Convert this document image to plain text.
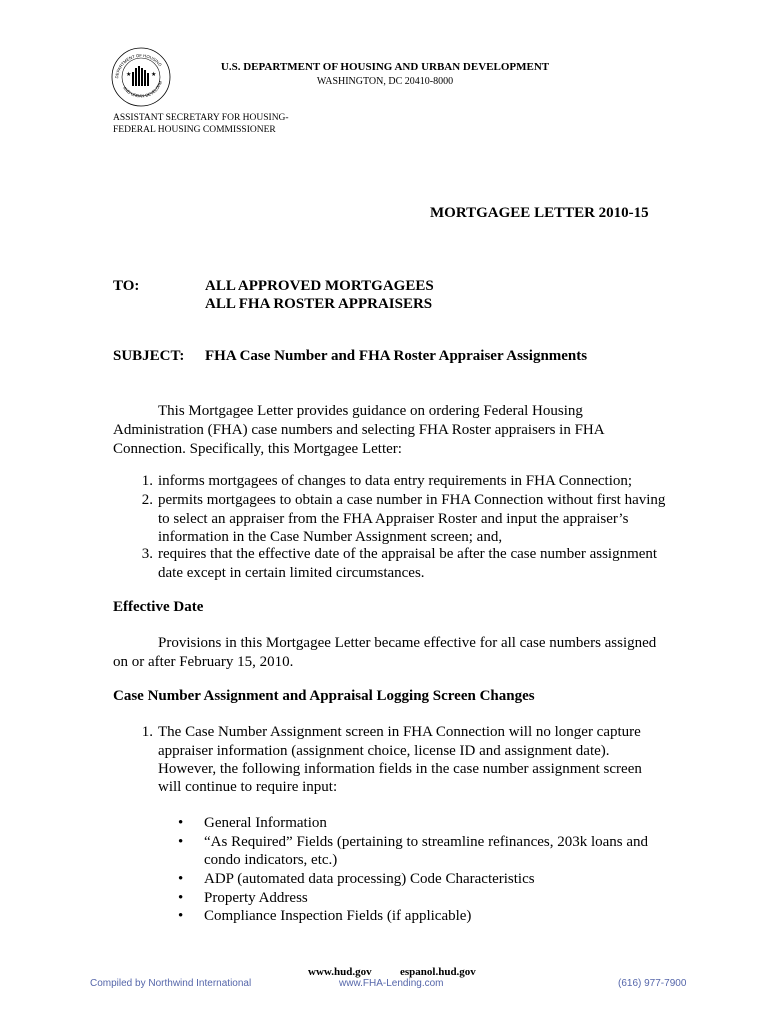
★	★
DEPARTMENT OF HOUSING
AND URBAN DEVELOPM
U.S. DEPARTMENT OF HOUSING AND URBAN DEVELOPMENT
WASHINGTON, DC 20410-8000
ASSISTANT SECRETARY FOR HOUSING-
FEDERAL HOUSING COMMISSIONER
MORTGAGEE LETTER 2010-15
TO:	ALL APPROVED MORTGAGEES
ALL FHA ROSTER APPRAISERS
SUBJECT: FHA Case Number and FHA Roster Appraiser Assignments

This Mortgagee Letter provides guidance on ordering Federal Housing

Administration (FHA) case numbers and selecting FHA Roster appraisers in FHA

Connection. Specifically, this Mortgagee Letter:

1. informs mortgagees of changes to data entry requirements in FHA Connection;
2. permits mortgagees to obtain a case number in FHA Connection without first having
to select an appraiser from the FHA Appraiser Roster and input the appraiser’s
information in the Case Number Assignment screen; and,
3. requires that the effective date of the appraisal be after the case number assignment
date except in certain limited circumstances.
Effective Date

Provisions in this Mortgagee Letter became effective for all case numbers assigned

on or after February 15, 2010.

Case Number Assignment and Appraisal Logging Screen Changes
1. The Case Number Assignment screen in FHA Connection will no longer capture
appraiser information (assignment choice, license ID and assignment date).
However, the following information fields in the case number assignment screen
will continue to require input:
• General Information
• “As Required” Fields (pertaining to streamline refinances, 203k loans and
condo indicators, etc.)
• ADP (automated data processing) Code Characteristics
• Property Address
• Compliance Inspection Fields (if applicable)
www.hud.gov	espanol.hud.gov
Compiled by Northwind International	www.FHA-Lending.com	(616) 977-7900
